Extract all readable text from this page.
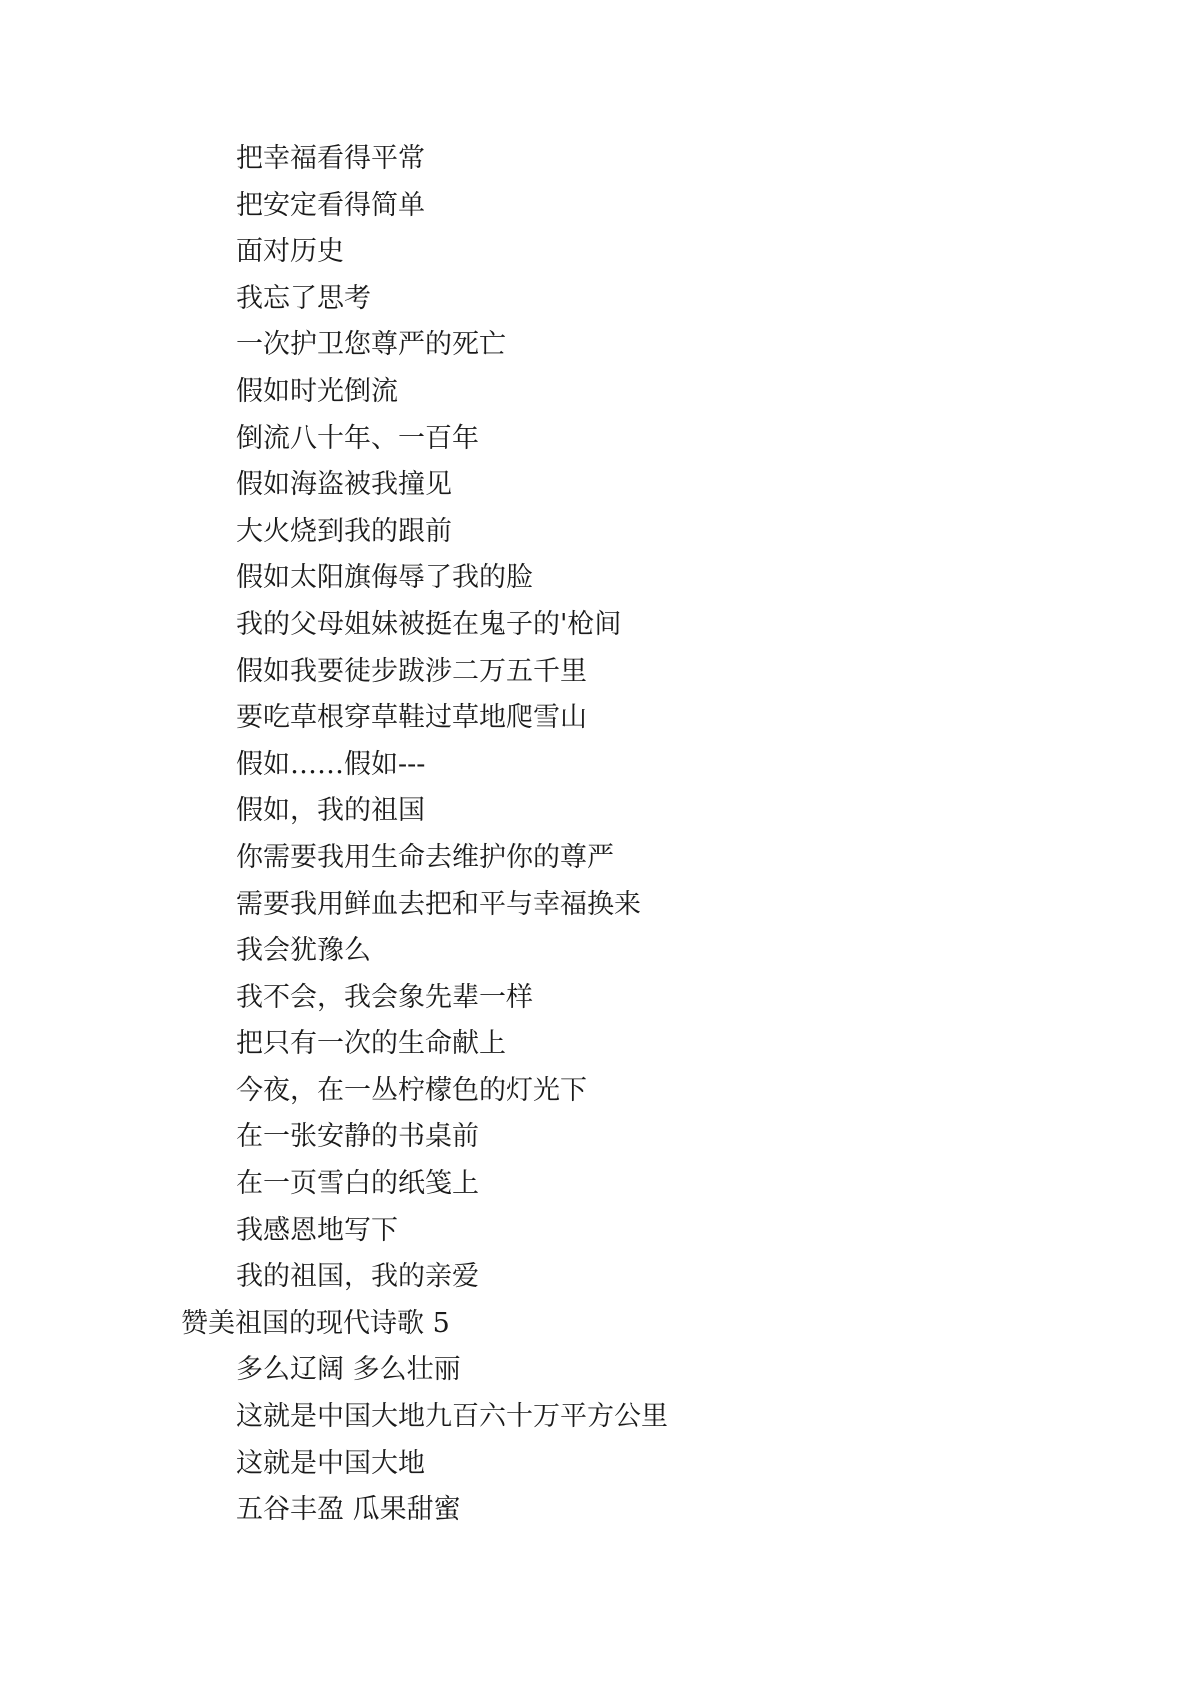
把幸福看得平常
把安定看得简单
面对历史
我忘了思考
一次护卫您尊严的死亡
假如时光倒流
倒流八十年、一百年
假如海盗被我撞见
大火烧到我的跟前
假如太阳旗侮辱了我的脸
我的父母姐妹被挺在鬼子的'枪间
假如我要徒步跋涉二万五千里
要吃草根穿草鞋过草地爬雪山
假如……假如---
假如，我的祖国
你需要我用生命去维护你的尊严
需要我用鲜血去把和平与幸福换来
我会犹豫么
我不会，我会象先辈一样
把只有一次的生命献上
今夜，在一丛柠檬色的灯光下
在一张安静的书桌前
在一页雪白的纸笺上
我感恩地写下
我的祖国，我的亲爱
赞美祖国的现代诗歌 5
多么辽阔 多么壮丽
这就是中国大地九百六十万平方公里
这就是中国大地
五谷丰盈 瓜果甜蜜
